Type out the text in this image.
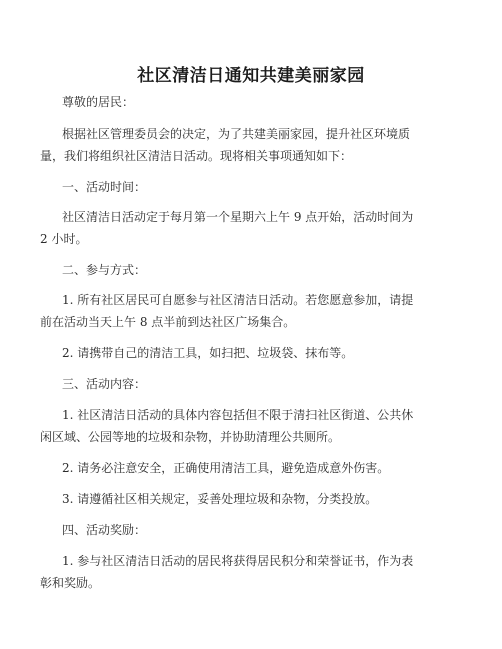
社区清洁日通知共建美丽家园

尊敬的居民：

根据社区管理委员会的决定，为了共建美丽家园，提升社区环境质
量，我们将组织社区清洁日活动。现将相关事项通知如下：

一、活动时间：

社区清洁日活动定于每月第一个星期六上午 9 点开始，活动时间为
2 小时。

二、参与方式：

1. 所有社区居民可自愿参与社区清洁日活动。若您愿意参加，请提
前在活动当天上午 8 点半前到达社区广场集合。

2. 请携带自己的清洁工具，如扫把、垃圾袋、抹布等。

三、活动内容：

1. 社区清洁日活动的具体内容包括但不限于清扫社区街道、公共休
闲区域、公园等地的垃圾和杂物，并协助清理公共厕所。

2. 请务必注意安全，正确使用清洁工具，避免造成意外伤害。

3. 请遵循社区相关规定，妥善处理垃圾和杂物，分类投放。

四、活动奖励：

1. 参与社区清洁日活动的居民将获得居民积分和荣誉证书，作为表
彰和奖励。
